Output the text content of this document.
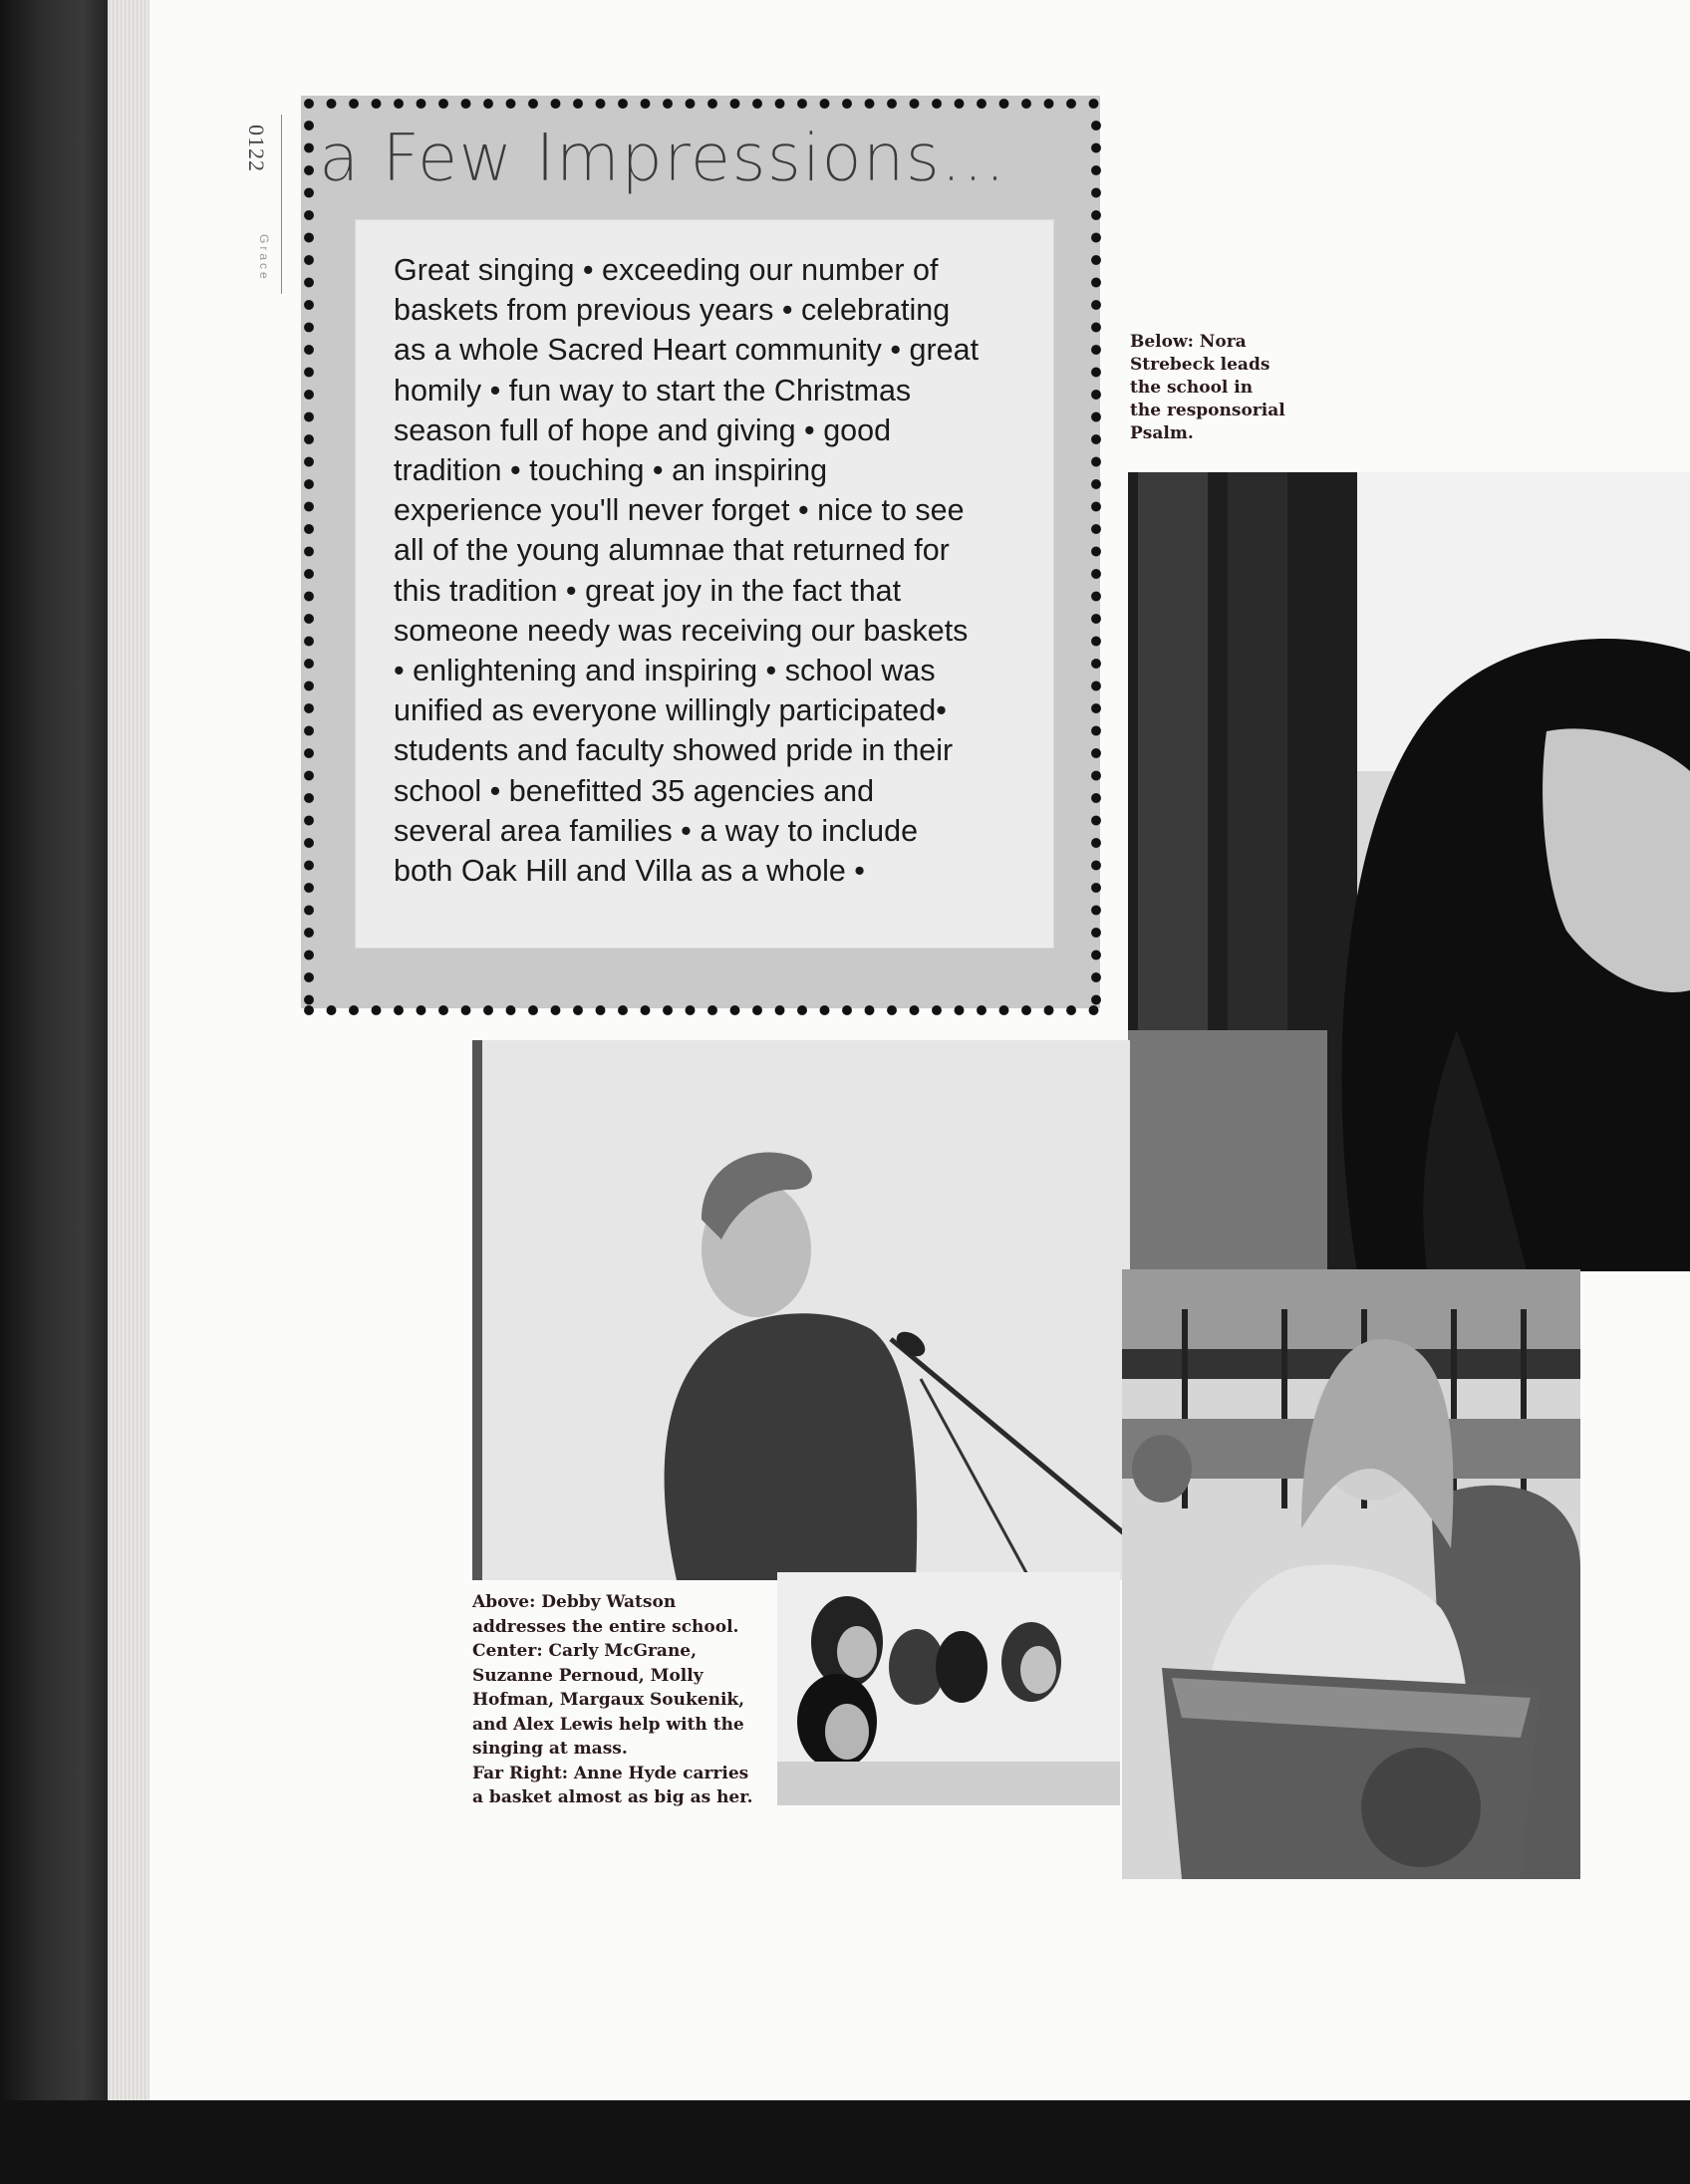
0122
Grace
a Few Impressions...
Great singing • exceeding our number of
baskets from previous years • celebrating
as a whole Sacred Heart community • great
homily • fun way to start the Christmas
season full of hope and giving • good
tradition • touching • an inspiring
experience you'll never forget • nice to see
all of the young alumnae that returned for
this tradition • great joy in the fact that
someone needy was receiving our baskets
• enlightening and inspiring • school was
unified as everyone willingly participated•
students and faculty showed pride in their
school • benefitted 35 agencies and
several area families • a way to include
both Oak Hill and Villa as a whole •
Below: Nora
Strebeck leads
the school in
the responsorial
Psalm.
Above: Debby Watson
addresses the entire school.
Center: Carly McGrane,
Suzanne Pernoud, Molly
Hofman, Margaux Soukenik,
and Alex Lewis help with the
singing at mass.
Far Right: Anne Hyde carries
a basket almost as big as her.
